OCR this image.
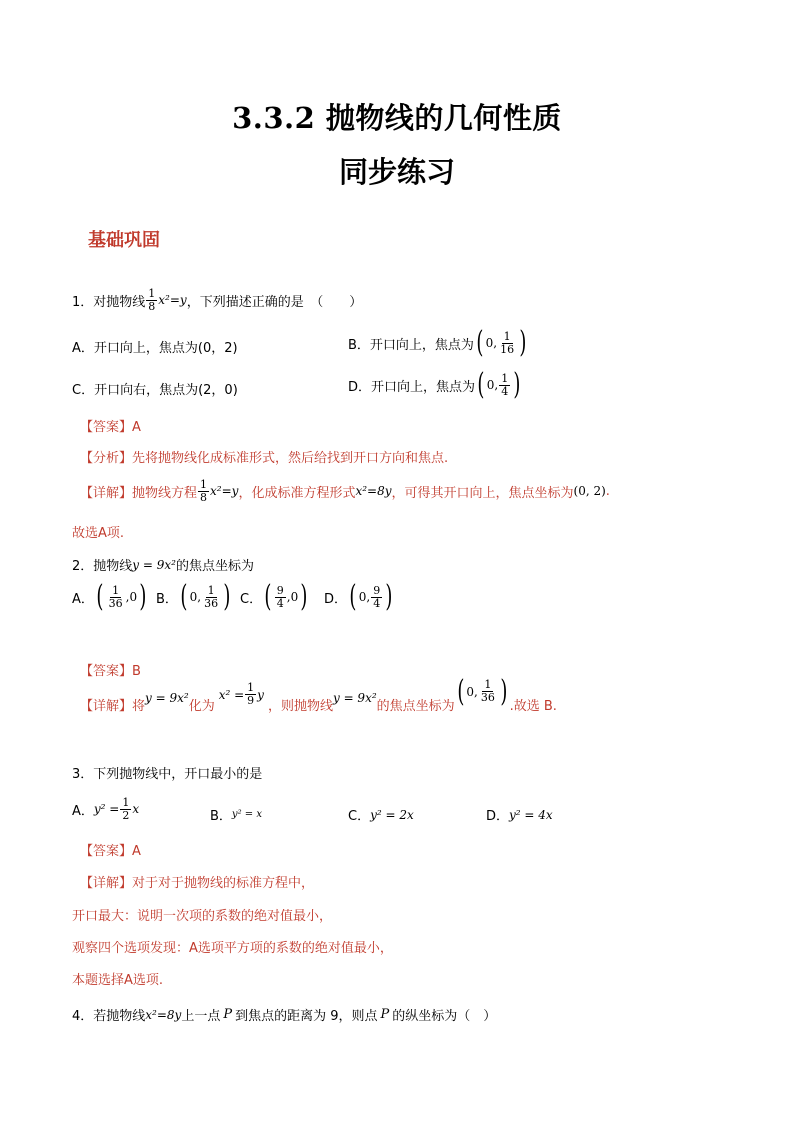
3.3.2 抛物线的几何性质
同步练习
基础巩固
1．对抛物线 $\frac{1}{8} x^2=y$ ，下列描述正确的是　（　　）
A．开口向上，焦点为(0，2)	B．开口向上，焦点为 ( 0, $\frac{1}{16}$ )
C．开口向右，焦点为(2，0)	D．开口向上，焦点为 ( 0, $\frac{1}{4}$ )
【答案】A
【分析】先将抛物线化成标准形式，然后给找到开口方向和焦点.
【详解】抛物线方程 $\frac{1}{8} x^2=y$ ，化成标准方程形式 x²=8y ，可得其开口向上，焦点坐标为 (0, 2) .
故选A项.
2．抛物线 y = 9x² 的焦点坐标为
A． ( $\frac{1}{36} ,0$ ) B． ( 0, $\frac{1}{36}$ ) C． ( $\frac{9}{4} ,0$ ) D． ( 0, $\frac{9}{4}$ )
【答案】B
【详解】将
y = 9x²
化为
$x^2 = \frac{1}{9}$ y
，则抛物线
y = 9x²
的焦点坐标为 ( 0, $\frac{1}{36}$ ) .故选 B.
3．下列抛物线中，开口最小的是
A． $y^2 = \frac{1}{2}$ x	B． y² = x	C． y² = 2x	D． y² = 4x
【答案】A
【详解】对于对于抛物线的标准方程中，
开口最大：说明一次项的系数的绝对值最小，
观察四个选项发现：A选项平方项的系数的绝对值最小，
本题选择A选项.
4．若抛物线 x²=8y 上一点 P 到焦点的距离为 9，则点 P 的纵坐标为（　）
